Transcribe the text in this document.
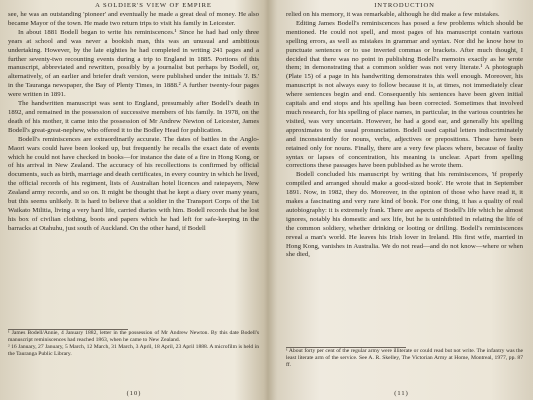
A SOLDIER'S VIEW OF EMPIRE

see, he was an outstanding 'pioneer' and eventually he made a great deal of money. He also became Mayor of the town. He made two return trips to visit his family in Leicester.

In about 1881 Bodell began to write his reminiscences.¹ Since he had had only three years at school and was never a bookish man, this was an unusual and ambitious undertaking. However, by the late eighties he had completed in writing 241 pages and a further seventy-two recounting events during a trip to England in 1885. Portions of this manuscript, abbreviated and rewritten, possibly by a journalist but perhaps by Bodell, or, alternatively, of an earlier and briefer draft version, were published under the initials 'J. B.' in the Tauranga newspaper, the Bay of Plenty Times, in 1888.² A further twenty-four pages were written in 1891.

The handwritten manuscript was sent to England, presumably after Bodell's death in 1892, and remained in the possession of successive members of his family. In 1978, on the death of his mother, it came into the possession of Mr Andrew Newton of Leicester, James Bodell's great-great-nephew, who offered it to the Bodley Head for publication.

Bodell's reminiscences are extraordinarily accurate. The dates of battles in the Anglo-Maori wars could have been looked up, but frequently he recalls the exact date of events which he could not have checked in books—for instance the date of a fire in Hong Kong, or of his arrival in New Zealand. The accuracy of his recollections is confirmed by official documents, such as birth, marriage and death certificates, in every country in which he lived, the official records of his regiment, lists of Australian hotel licences and ratepayers, New Zealand army records, and so on. It might be thought that he kept a diary over many years, but this seems unlikely. It is hard to believe that a soldier in the Transport Corps of the 1st Waikato Militia, living a very hard life, carried diaries with him. Bodell records that he lost his box of civilian clothing, boots and papers which he had left for safe-keeping in the barracks at Otahuhu, just south of Auckland. On the other hand, if Bodell

¹ James Bodell/Annie, 4 January 1882, letter in the possession of Mr Andrew Newton. By this date Bodell's manuscript reminiscences had reached 1863, when he came to New Zealand.

² 16 January, 27 January, 5 March, 12 March, 31 March, 3 April, 18 April, 23 April 1888. A microfilm is held in the Tauranga Public Library.

(10)
INTRODUCTION

relied on his memory, it was remarkable, although he did make a few mistakes.

Editing James Bodell's reminiscences has posed a few problems which should be mentioned. He could not spell, and most pages of his manuscript contain various spelling errors, as well as mistakes in grammar and syntax. Nor did he know how to punctuate sentences or to use inverted commas or brackets. After much thought, I decided that there was no point in publishing Bodell's memoirs exactly as he wrote them; in demonstrating that a common soldier was not very literate.¹ A photograph (Plate 15) of a page in his handwriting demonstrates this well enough. Moreover, his manuscript is not always easy to follow because it is, at times, not immediately clear where sentences begin and end. Consequently his sentences have been given initial capitals and end stops and his spelling has been corrected. Sometimes that involved much research, for his spelling of place names, in particular, in the various countries he visited, was very uncertain. However, he had a good ear, and generally his spelling approximates to the usual pronunciation. Bodell used capital letters indiscriminately and inconsistently for nouns, verbs, adjectives or prepositions. These have been retained only for nouns. Finally, there are a very few places where, because of faulty syntax or lapses of concentration, his meaning is unclear. Apart from spelling corrections these passages have been published as he wrote them.

Bodell concluded his manuscript by writing that his reminiscences, 'if properly compiled and arranged should make a good-sized book'. He wrote that in September 1891. Now, in 1982, they do. Moreover, in the opinion of those who have read it, it makes a fascinating and very rare kind of book. For one thing, it has a quality of real autobiography: it is extremely frank. There are aspects of Bodell's life which he almost ignores, notably his domestic and sex life, but he is uninhibited in relating the life of the common soldiery, whether drinking or looting or drilling. Bodell's reminiscences reveal a man's world. He leaves his Irish lover in Ireland. His first wife, married in Hong Kong, vanishes in Australia. We do not read—and do not know—where or when she died,

¹ About forty per cent of the regular army were illiterate or could read but not write. The infantry was the least literate arm of the service. See A. R. Skelley, The Victorian Army at Home, Montreal, 1977, pp. 87 ff.

(11)
